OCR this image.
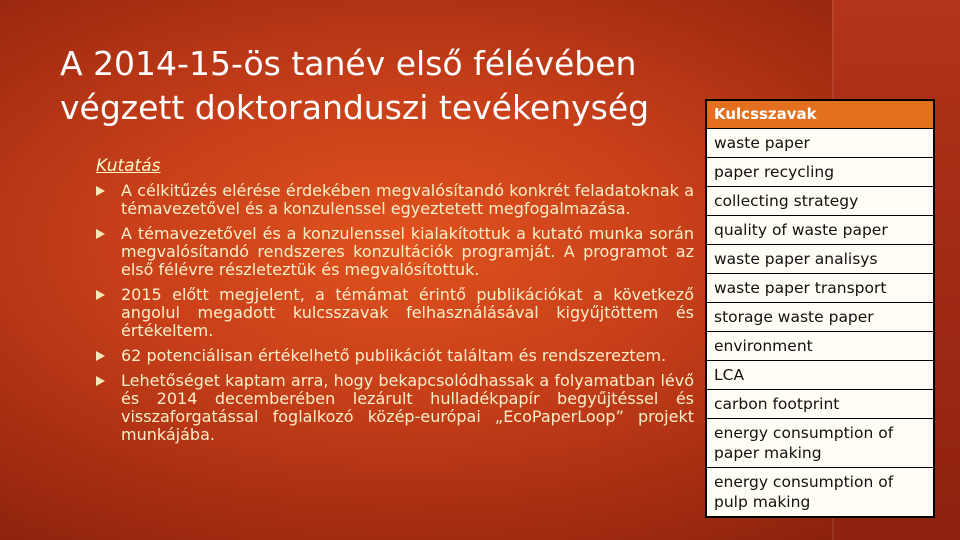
A 2014-15-ös tanév első félévében
végzett doktoranduszi tevékenység
Kutatás
A célkitűzés elérése érdekében megvalósítandó konkrét feladatoknak a témavezetővel és a konzulenssel egyeztetett megfogalmazása.
A témavezetővel és a konzulenssel kialakítottuk a kutató munka során megvalósítandó rendszeres konzultációk programját. A programot az első félévre részleteztük és megvalósítottuk.
2015 előtt megjelent, a témámat érintő publikációkat a következő angolul megadott kulcsszavak felhasználásával kigyűjtöttem és értékeltem.
62 potenciálisan értékelhető publikációt találtam és rendszereztem.
Lehetőséget kaptam arra, hogy bekapcsolódhassak a folyamatban lévő és 2014 decemberében lezárult hulladékpapír begyűjtéssel és visszaforgatással foglalkozó közép-európai „EcoPaperLoop” projekt munkájába.
Kulcsszavak
waste paper
paper recycling
collecting strategy
quality of waste paper
waste paper analisys
waste paper transport
storage waste paper
environment
LCA
carbon footprint
energy consumption of paper making
energy consumption of pulp making
